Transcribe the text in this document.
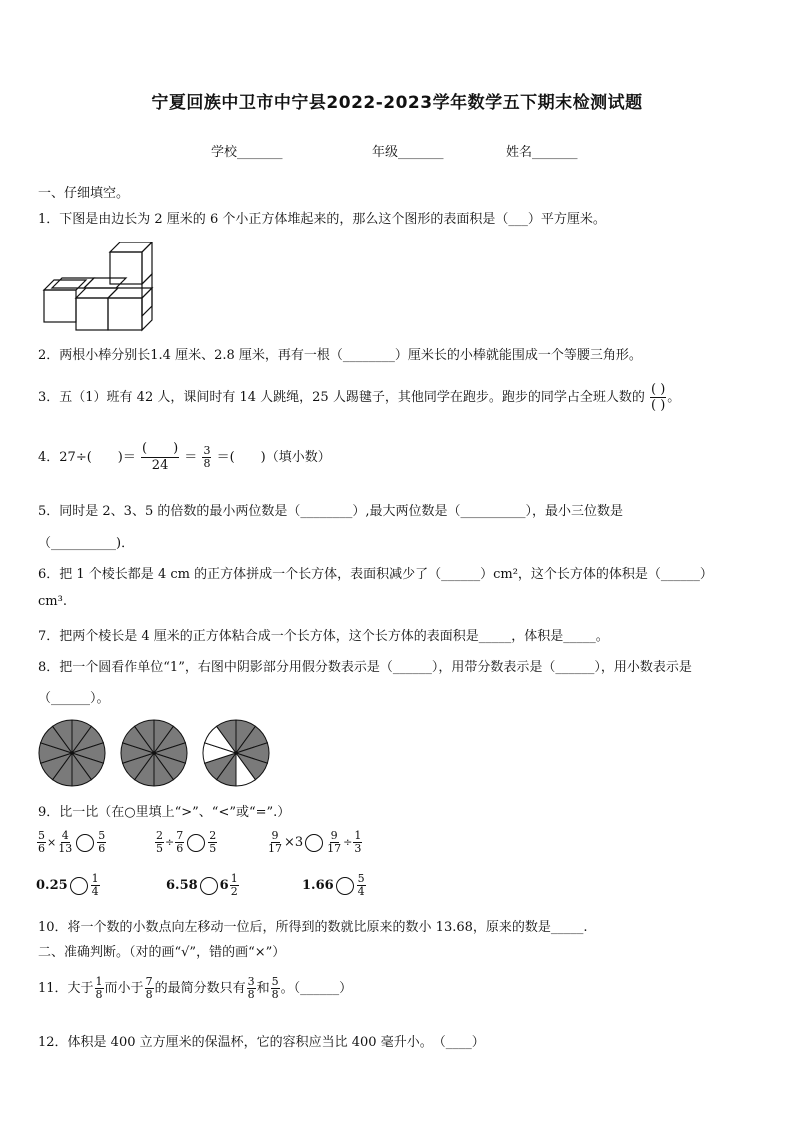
宁夏回族中卫市中宁县2022-2023学年数学五下期末检测试题
学校_______	年级_______	姓名_______
一、仔细填空。
1．下图是由边长为 2 厘米的 6 个小正方体堆起来的，那么这个图形的表面积是（___）平方厘米。
2．两根小棒分别长1.4 厘米、2.8 厘米，再有一根（________）厘米长的小棒就能围成一个等腰三角形。
3．五（1）班有 42 人，课间时有 14 人跳绳，25 人踢毽子，其他同学在跑步。跑步的同学占全班人数的 $\frac{( )}{( )}$ 。
4．27÷(　　)＝ $\frac{( )}{24} = \frac{3}{8}$ ＝(　　)（填小数）
5．同时是 2、3、5 的倍数的最小两位数是（________）,最大两位数是（__________），最小三位数是
（__________)．
6．把 1 个棱长都是 4 cm 的正方体拼成一个长方体，表面积减少了（______）cm²，这个长方体的体积是（______）
cm³.
7．把两个棱长是 4 厘米的正方体粘合成一个长方体，这个长方体的表面积是_____，体积是_____。
8．把一个圆看作单位“1”，右图中阴影部分用假分数表示是（______），用带分数表示是（______），用小数表示是
（______）。
9．比一比（在○里填上“>”、“<”或“=”.）
$\frac{5}{6} \times \frac{4}{13} \frac{5}{6}$	$\frac{2}{5} \div \frac{7}{6} \frac{2}{5}$	$\frac{9}{17} \times 3 \frac{9}{17} \div \frac{1}{3}$
$0.25 \frac{1}{4}$	6.58 $6 \frac{1}{2}$	$1.66 \frac{5}{4}$
10．将一个数的小数点向左移动一位后，所得到的数就比原来的数小 13.68，原来的数是_____.
二、准确判断。（对的画“√”，错的画“×”）
11．大于 $\frac{1}{8}$ 而小于 $\frac{7}{8}$ 的最简分数只有 $\frac{3}{8}$ 和 $\frac{5}{8}$ 。（______）
12．体积是 400 立方厘米的保温杯，它的容积应当比 400 毫升小。　（____）
